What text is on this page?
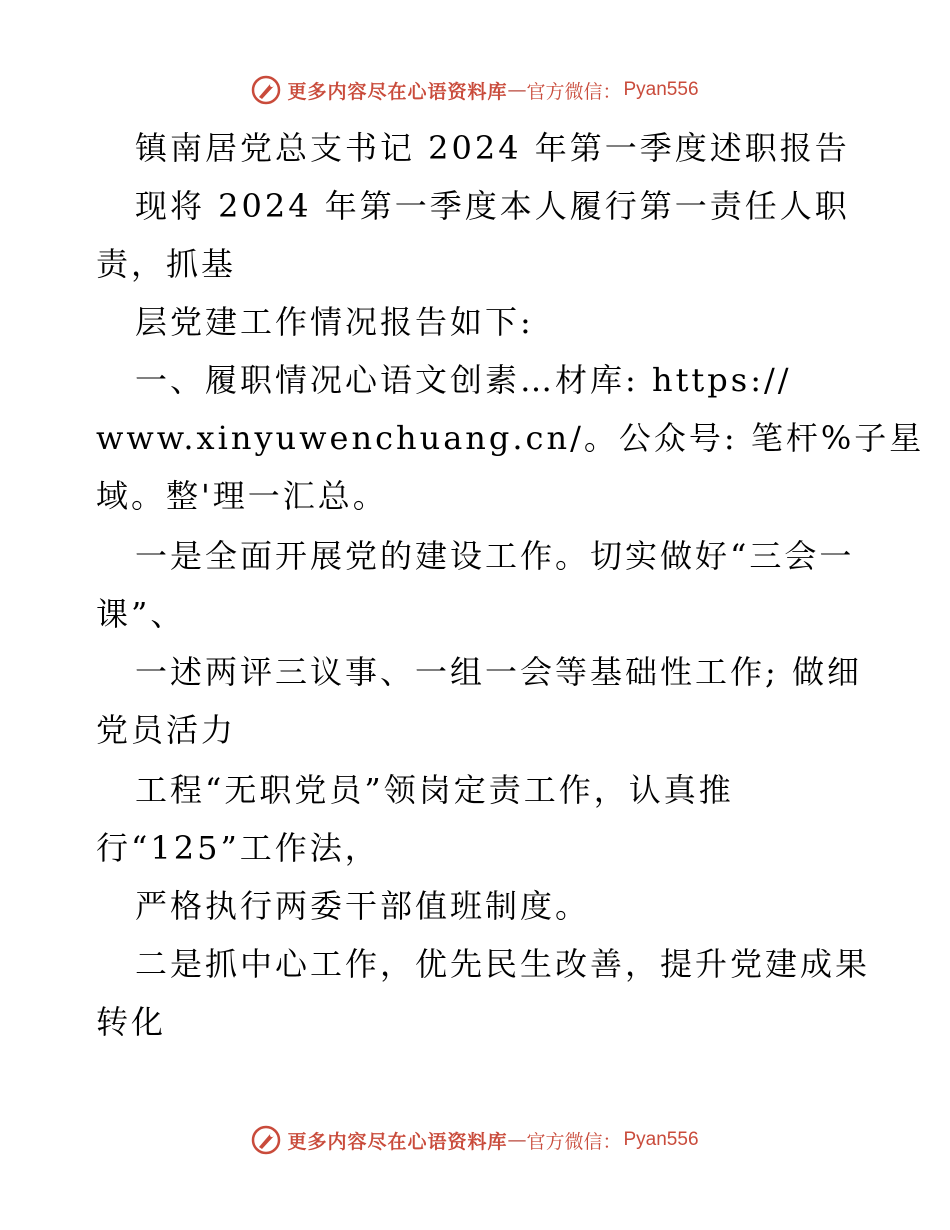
更多内容尽在心语资料库 — 官方微信： Pyan556
镇南居党总支书记 2024 年第一季度述职报告
现将 2024 年第一季度本人履行第一责任人职
责，抓基
层党建工作情况报告如下:
一、履职情况心语文创素…材库: https://
www.xinyuwenchuang.cn/。公众号: 笔杆%子星
域。整'理一汇总。
一是全面开展党的建设工作。切实做好“三会一
课”、
一述两评三议事、一组一会等基础性工作; 做细
党员活力
工程“无职党员”领岗定责工作，认真推
行“125”工作法，
严格执行两委干部值班制度。
二是抓中心工作，优先民生改善，提升党建成果
转化
更多内容尽在心语资料库 — 官方微信： Pyan556
